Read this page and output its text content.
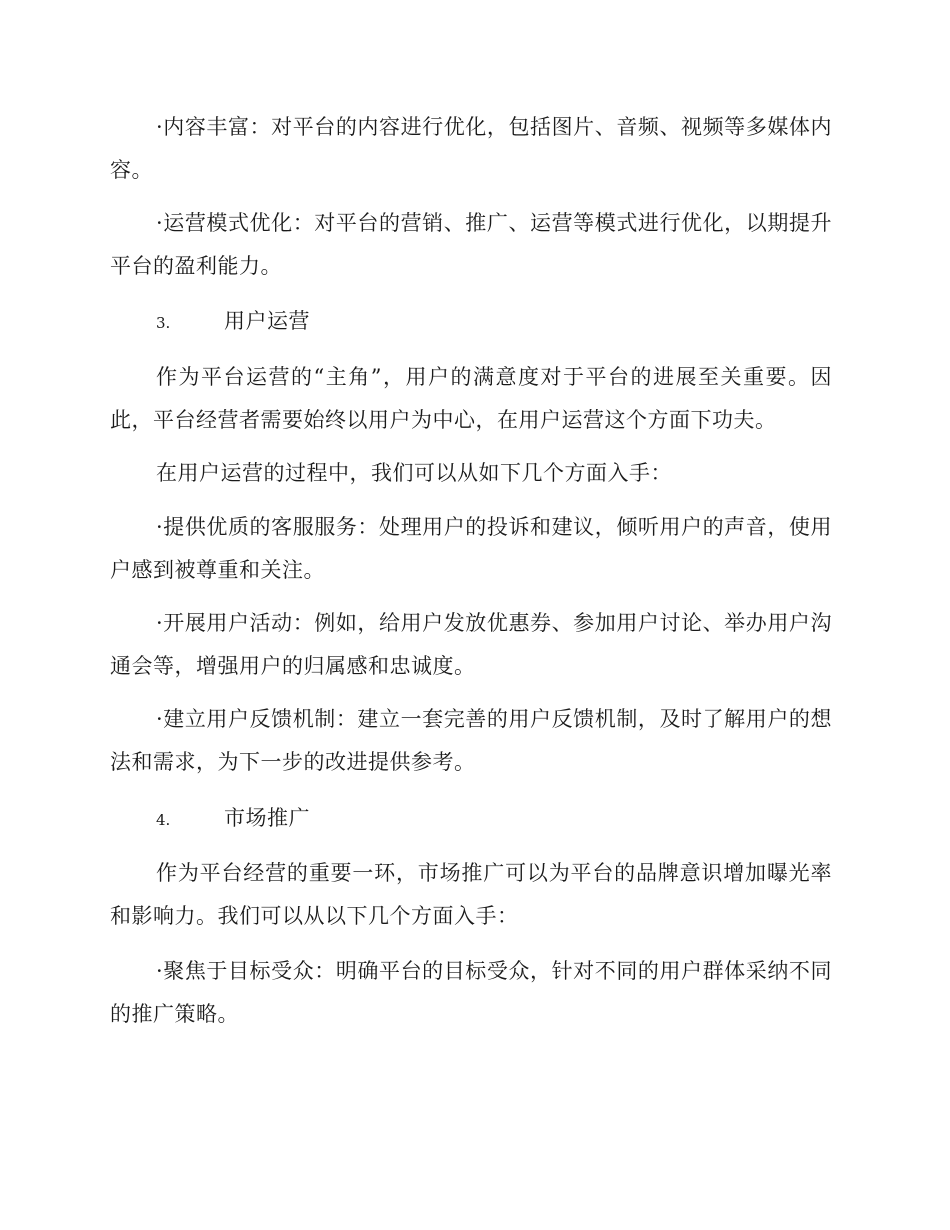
·内容丰富：对平台的内容进行优化，包括图片、音频、视频等多媒体内容。

·运营模式优化：对平台的营销、推广、运营等模式进行优化，以期提升平台的盈利能力。

3.	用户运营

作为平台运营的“主角”，用户的满意度对于平台的进展至关重要。因此，平台经营者需要始终以用户为中心，在用户运营这个方面下功夫。

在用户运营的过程中，我们可以从如下几个方面入手：

·提供优质的客服服务：处理用户的投诉和建议，倾听用户的声音，使用户感到被尊重和关注。

·开展用户活动：例如，给用户发放优惠券、参加用户讨论、举办用户沟通会等，增强用户的归属感和忠诚度。

·建立用户反馈机制：建立一套完善的用户反馈机制，及时了解用户的想法和需求，为下一步的改进提供参考。

4.	市场推广

作为平台经营的重要一环，市场推广可以为平台的品牌意识增加曝光率和影响力。我们可以从以下几个方面入手：

·聚焦于目标受众：明确平台的目标受众，针对不同的用户群体采纳不同的推广策略。
